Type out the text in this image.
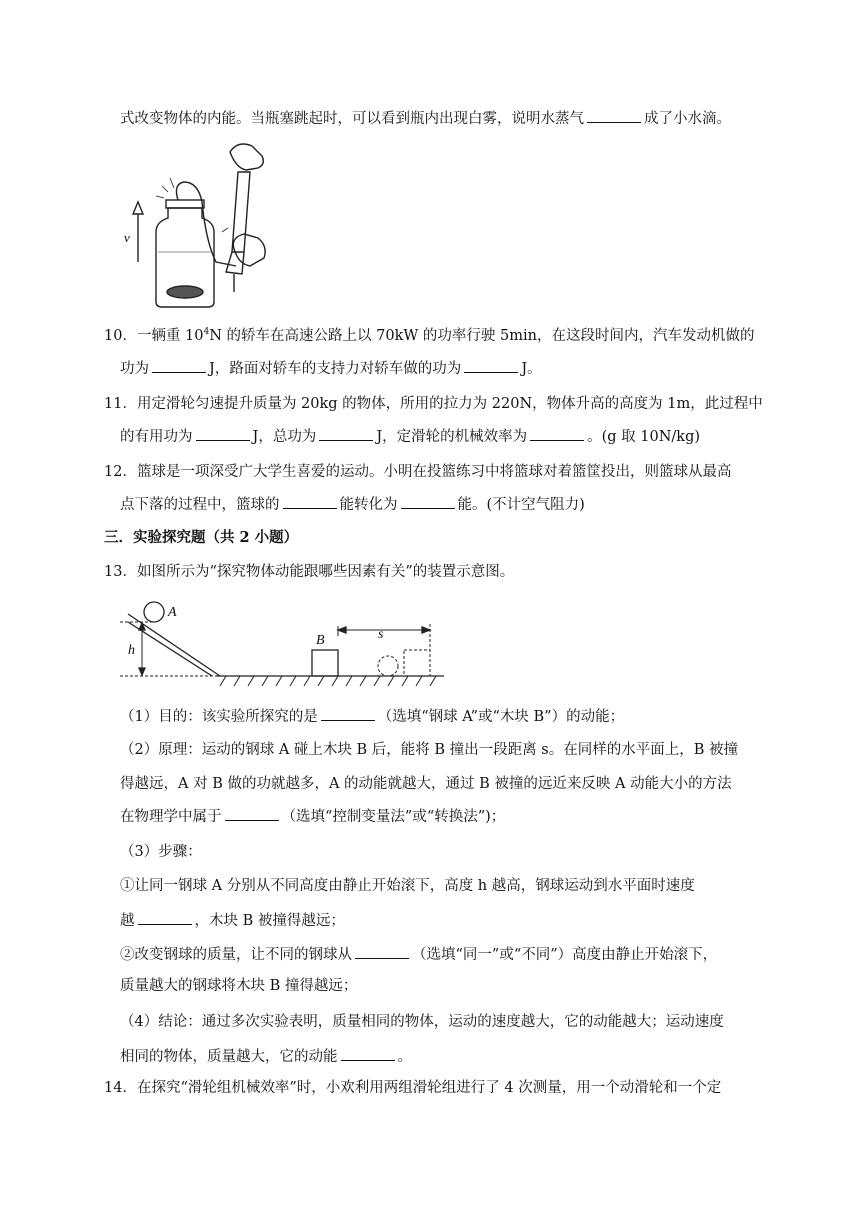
式改变物体的内能。当瓶塞跳起时，可以看到瓶内出现白雾，说明水蒸气	成了小水滴。
v
10．一辆重 $10^4N$ 的轿车在高速公路上以 70kW 的功率行驶 5min，在这段时间内，汽车发动机做的
功为	J，路面对轿车的支持力对轿车做的功为	J。
11．用定滑轮匀速提升质量为 20kg 的物体，所用的拉力为 220N，物体升高的高度为 1m，此过程中
的有用功为	J，总功为	J，定滑轮的机械效率为	。(g 取 10N/kg)
12．篮球是一项深受广大学生喜爱的运动。小明在投篮练习中将篮球对着篮筐投出，则篮球从最高
点下落的过程中，篮球的	能转化为	能。(不计空气阻力)
三．实验探究题（共 2 小题）
13．如图所示为“探究物体动能跟哪些因素有关”的装置示意图。
A
B
h
s
（1）目的：该实验所探究的是	（选填“钢球 A”或“木块 B”）的动能；
（2）原理：运动的钢球 A 碰上木块 B 后，能将 B 撞出一段距离 s。在同样的水平面上，B 被撞
得越远，A 对 B 做的功就越多，A 的动能就越大，通过 B 被撞的远近来反映 A 动能大小的方法
在物理学中属于	（选填“控制变量法”或“转换法”)；
（3）步骤：
①让同一钢球 A 分别从不同高度由静止开始滚下，高度 h 越高，钢球运动到水平面时速度
越	，木块 B 被撞得越远；
②改变钢球的质量，让不同的钢球从	（选填“同一”或“不同”）高度由静止开始滚下，
质量越大的钢球将木块 B 撞得越远；
（4）结论：通过多次实验表明，质量相同的物体，运动的速度越大，它的动能越大；运动速度
相同的物体，质量越大，它的动能	。
14．在探究“滑轮组机械效率”时，小欢利用两组滑轮组进行了 4 次测量，用一个动滑轮和一个定
